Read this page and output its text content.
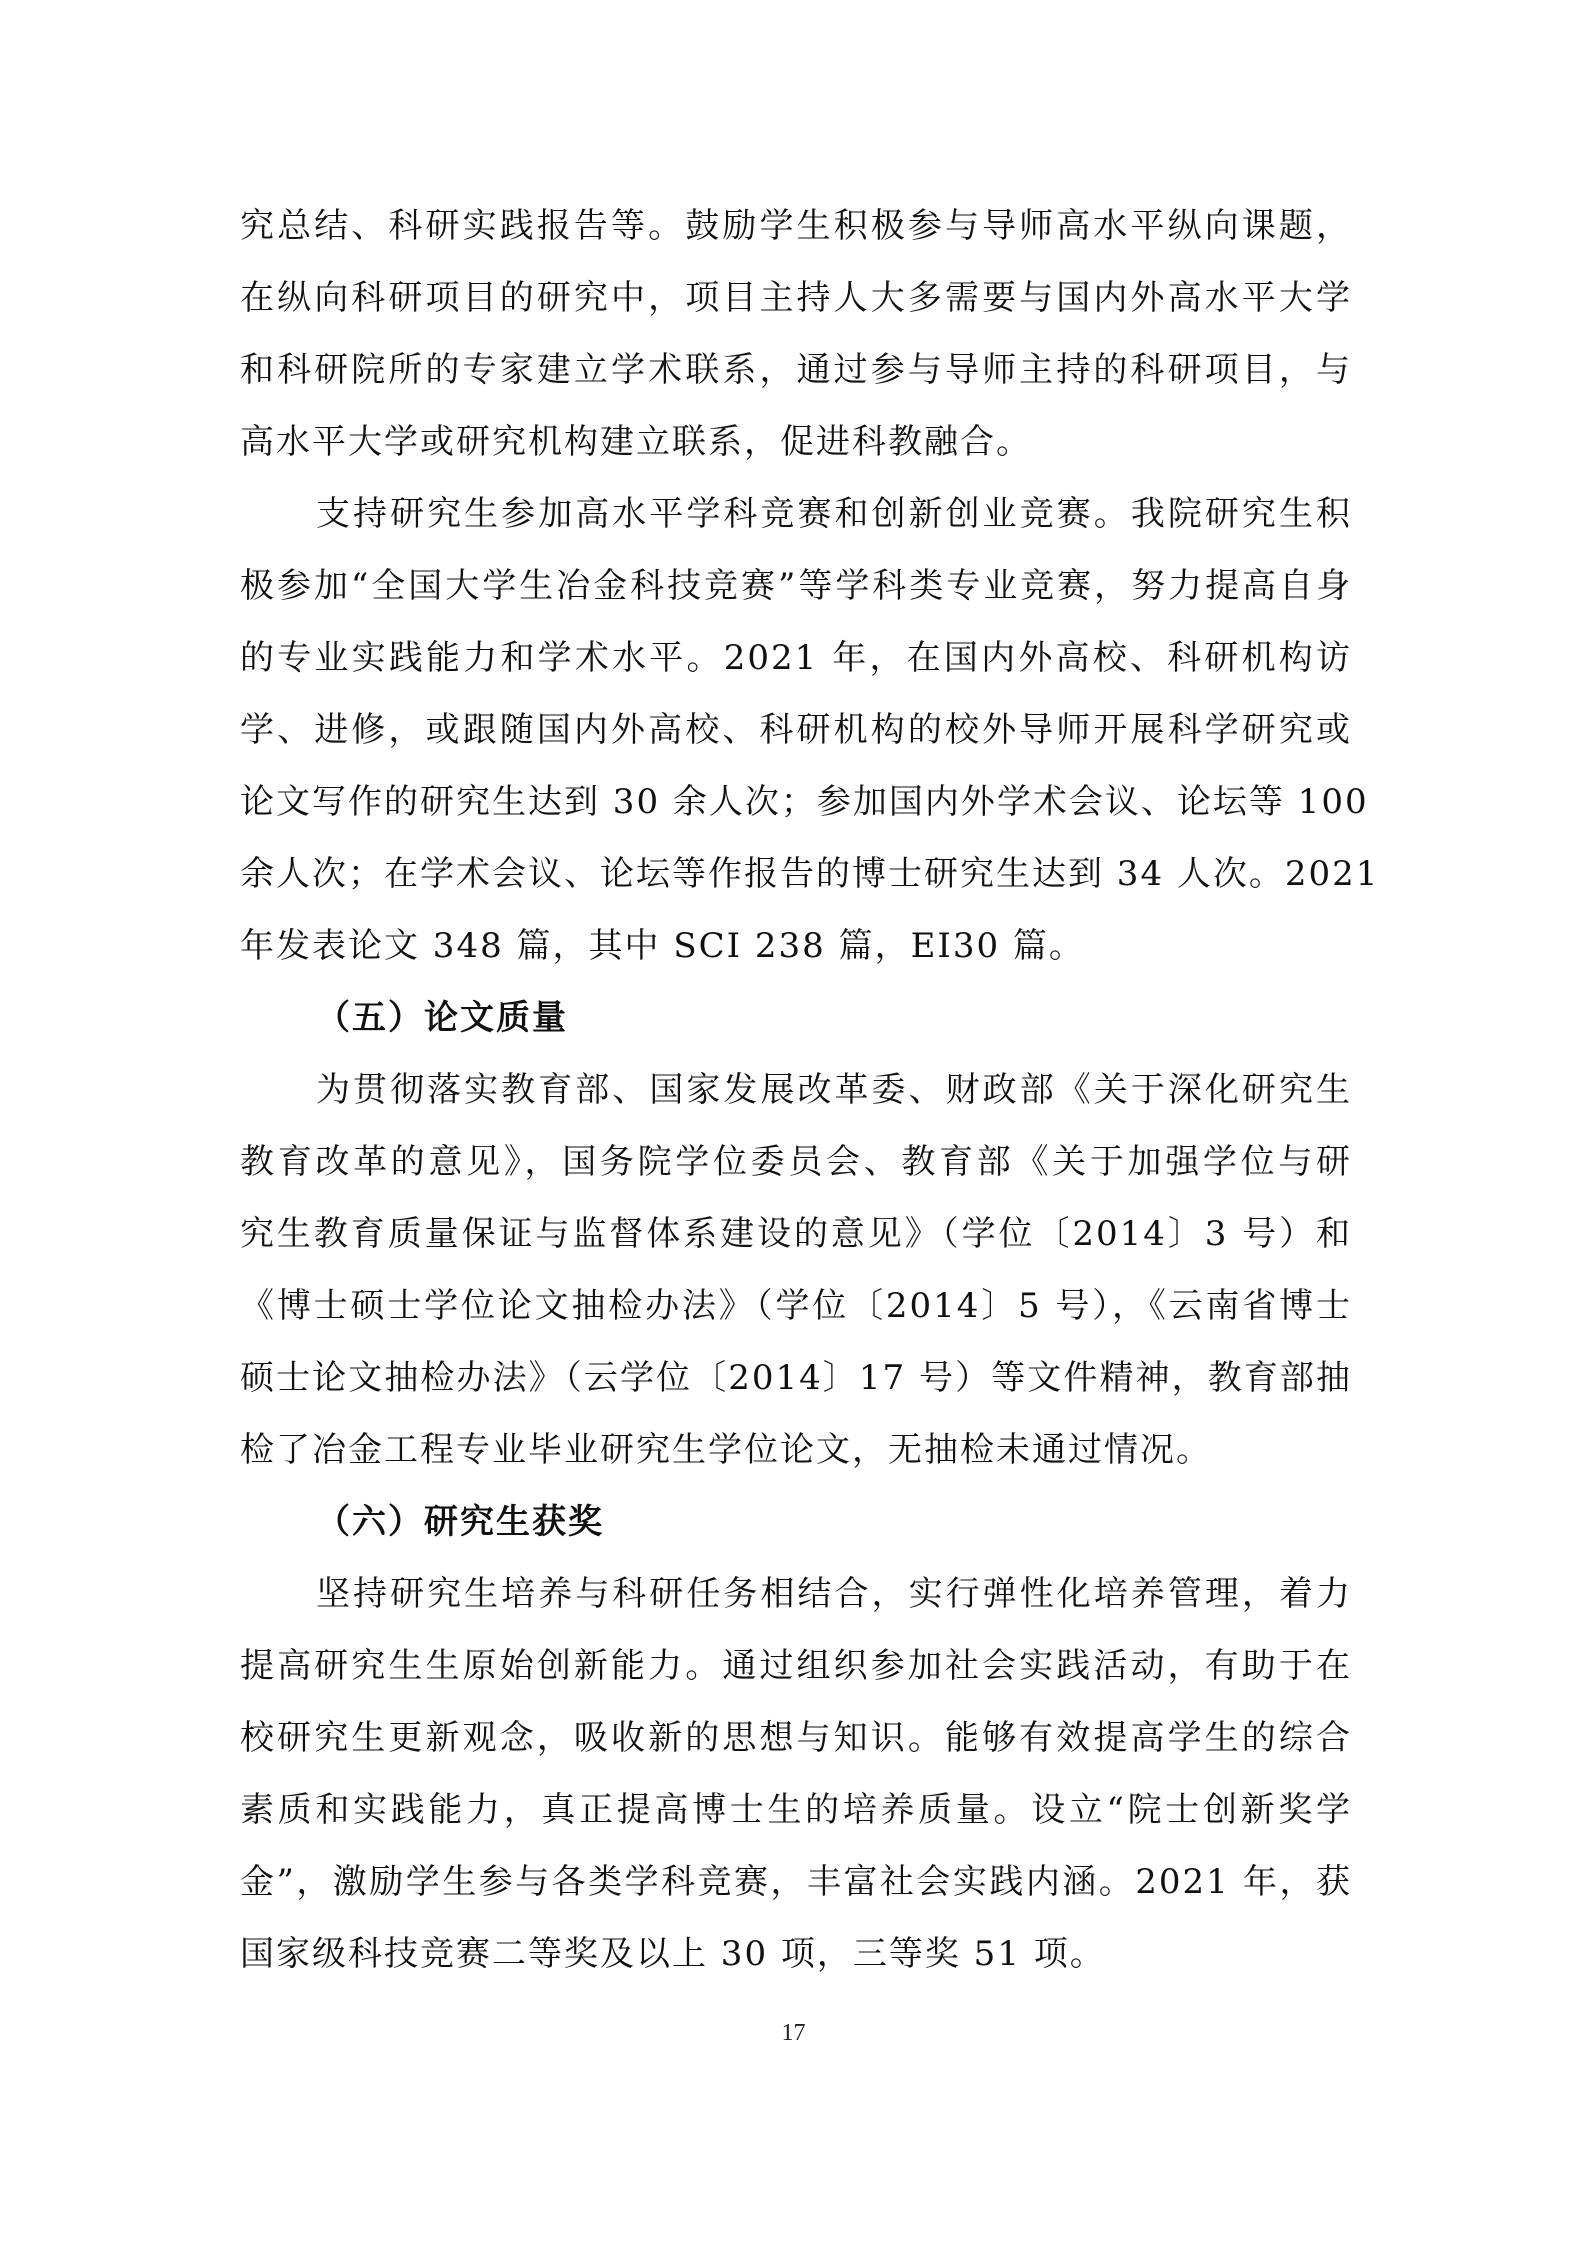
究总结、科研实践报告等。鼓励学生积极参与导师高水平纵向课题，
在纵向科研项目的研究中，项目主持人大多需要与国内外高水平大学
和科研院所的专家建立学术联系，通过参与导师主持的科研项目，与
高水平大学或研究机构建立联系，促进科教融合。
支持研究生参加高水平学科竞赛和创新创业竞赛。我院研究生积
极参加“全国大学生冶金科技竞赛”等学科类专业竞赛，努力提高自身
的专业实践能力和学术水平。2021 年，在国内外高校、科研机构访
学、进修，或跟随国内外高校、科研机构的校外导师开展科学研究或
论文写作的研究生达到 30 余人次；参加国内外学术会议、论坛等 100
余人次；在学术会议、论坛等作报告的博士研究生达到 34 人次。2021
年发表论文 348 篇，其中 SCI 238 篇，EI30 篇。
（五）论文质量
为贯彻落实教育部、国家发展改革委、财政部《关于深化研究生
教育改革的意见》，国务院学位委员会、教育部《关于加强学位与研
究生教育质量保证与监督体系建设的意见》（学位〔2014〕3 号）和
《博士硕士学位论文抽检办法》（学位〔2014〕5 号），《云南省博士
硕士论文抽检办法》（云学位〔2014〕17 号）等文件精神，教育部抽
检了冶金工程专业毕业研究生学位论文，无抽检未通过情况。
（六）研究生获奖
坚持研究生培养与科研任务相结合，实行弹性化培养管理，着力
提高研究生生原始创新能力。通过组织参加社会实践活动，有助于在
校研究生更新观念，吸收新的思想与知识。能够有效提高学生的综合
素质和实践能力，真正提高博士生的培养质量。设立“院士创新奖学
金”，激励学生参与各类学科竞赛，丰富社会实践内涵。2021 年，获
国家级科技竞赛二等奖及以上 30 项，三等奖 51 项。
17
